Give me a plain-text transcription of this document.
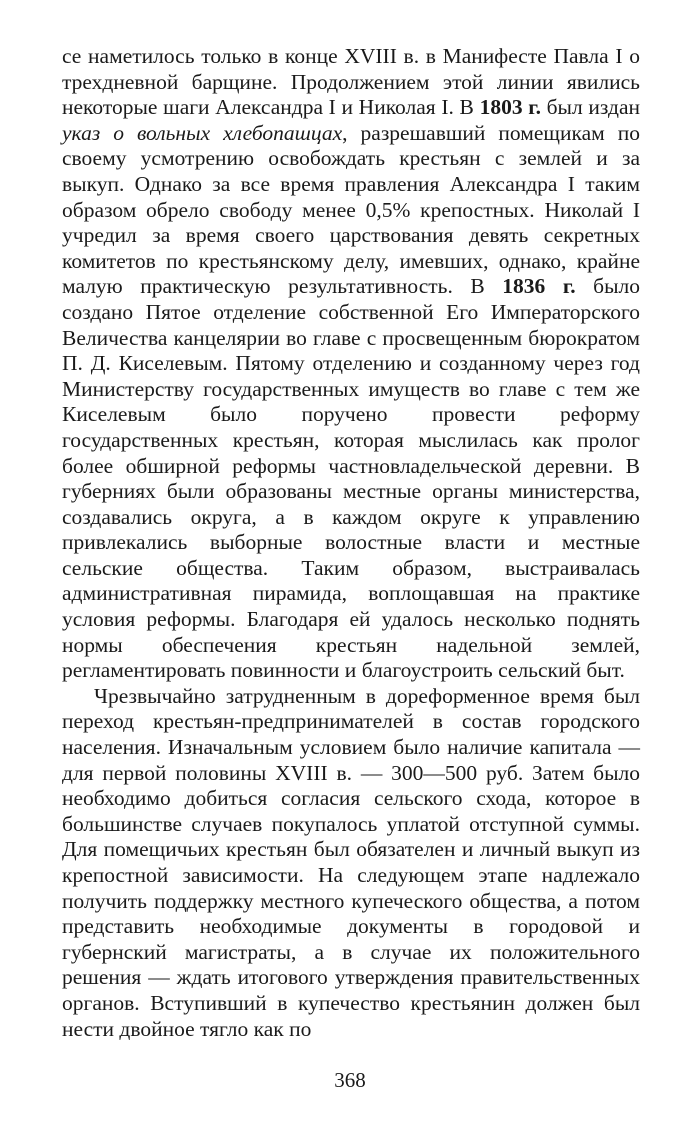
се наметилось только в конце XVIII в. в Манифесте Павла I о трехдневной барщине. Продолжением этой линии явились некоторые шаги Александра I и Николая I. В 1803 г. был издан указ о вольных хлебопашцах, разрешавший помещикам по своему усмотрению освобождать крестьян с землей и за выкуп. Однако за все время правления Александра I таким образом обрело свободу менее 0,5% крепостных. Николай I учредил за время своего царствования девять секретных комитетов по крестьянскому делу, имевших, однако, крайне малую практическую результативность. В 1836 г. было создано Пятое отделение собственной Его Императорского Величества канцелярии во главе с просвещенным бюрократом П. Д. Киселевым. Пятому отделению и созданному через год Министерству государственных имуществ во главе с тем же Киселевым было поручено провести реформу государственных крестьян, которая мыслилась как пролог более обширной реформы частновладельческой деревни. В губерниях были образованы местные органы министерства, создавались округа, а в каждом округе к управлению привлекались выборные волостные власти и местные сельские общества. Таким образом, выстраивалась административная пирамида, воплощавшая на практике условия реформы. Благодаря ей удалось несколько поднять нормы обеспечения крестьян надельной землей, регламентировать повинности и благоустроить сельский быт.

Чрезвычайно затрудненным в дореформенное время был переход крестьян-предпринимателей в состав городского населения. Изначальным условием было наличие капитала — для первой половины XVIII в. — 300—500 руб. Затем было необходимо добиться согласия сельского схода, которое в большинстве случаев покупалось уплатой отступной суммы. Для помещичьих крестьян был обязателен и личный выкуп из крепостной зависимости. На следующем этапе надлежало получить поддержку местного купеческого общества, а потом представить необходимые документы в городовой и губернский магистраты, а в случае их положительного решения — ждать итогового утверждения правительственных органов. Вступивший в купечество крестьянин должен был нести двойное тягло как по

368
